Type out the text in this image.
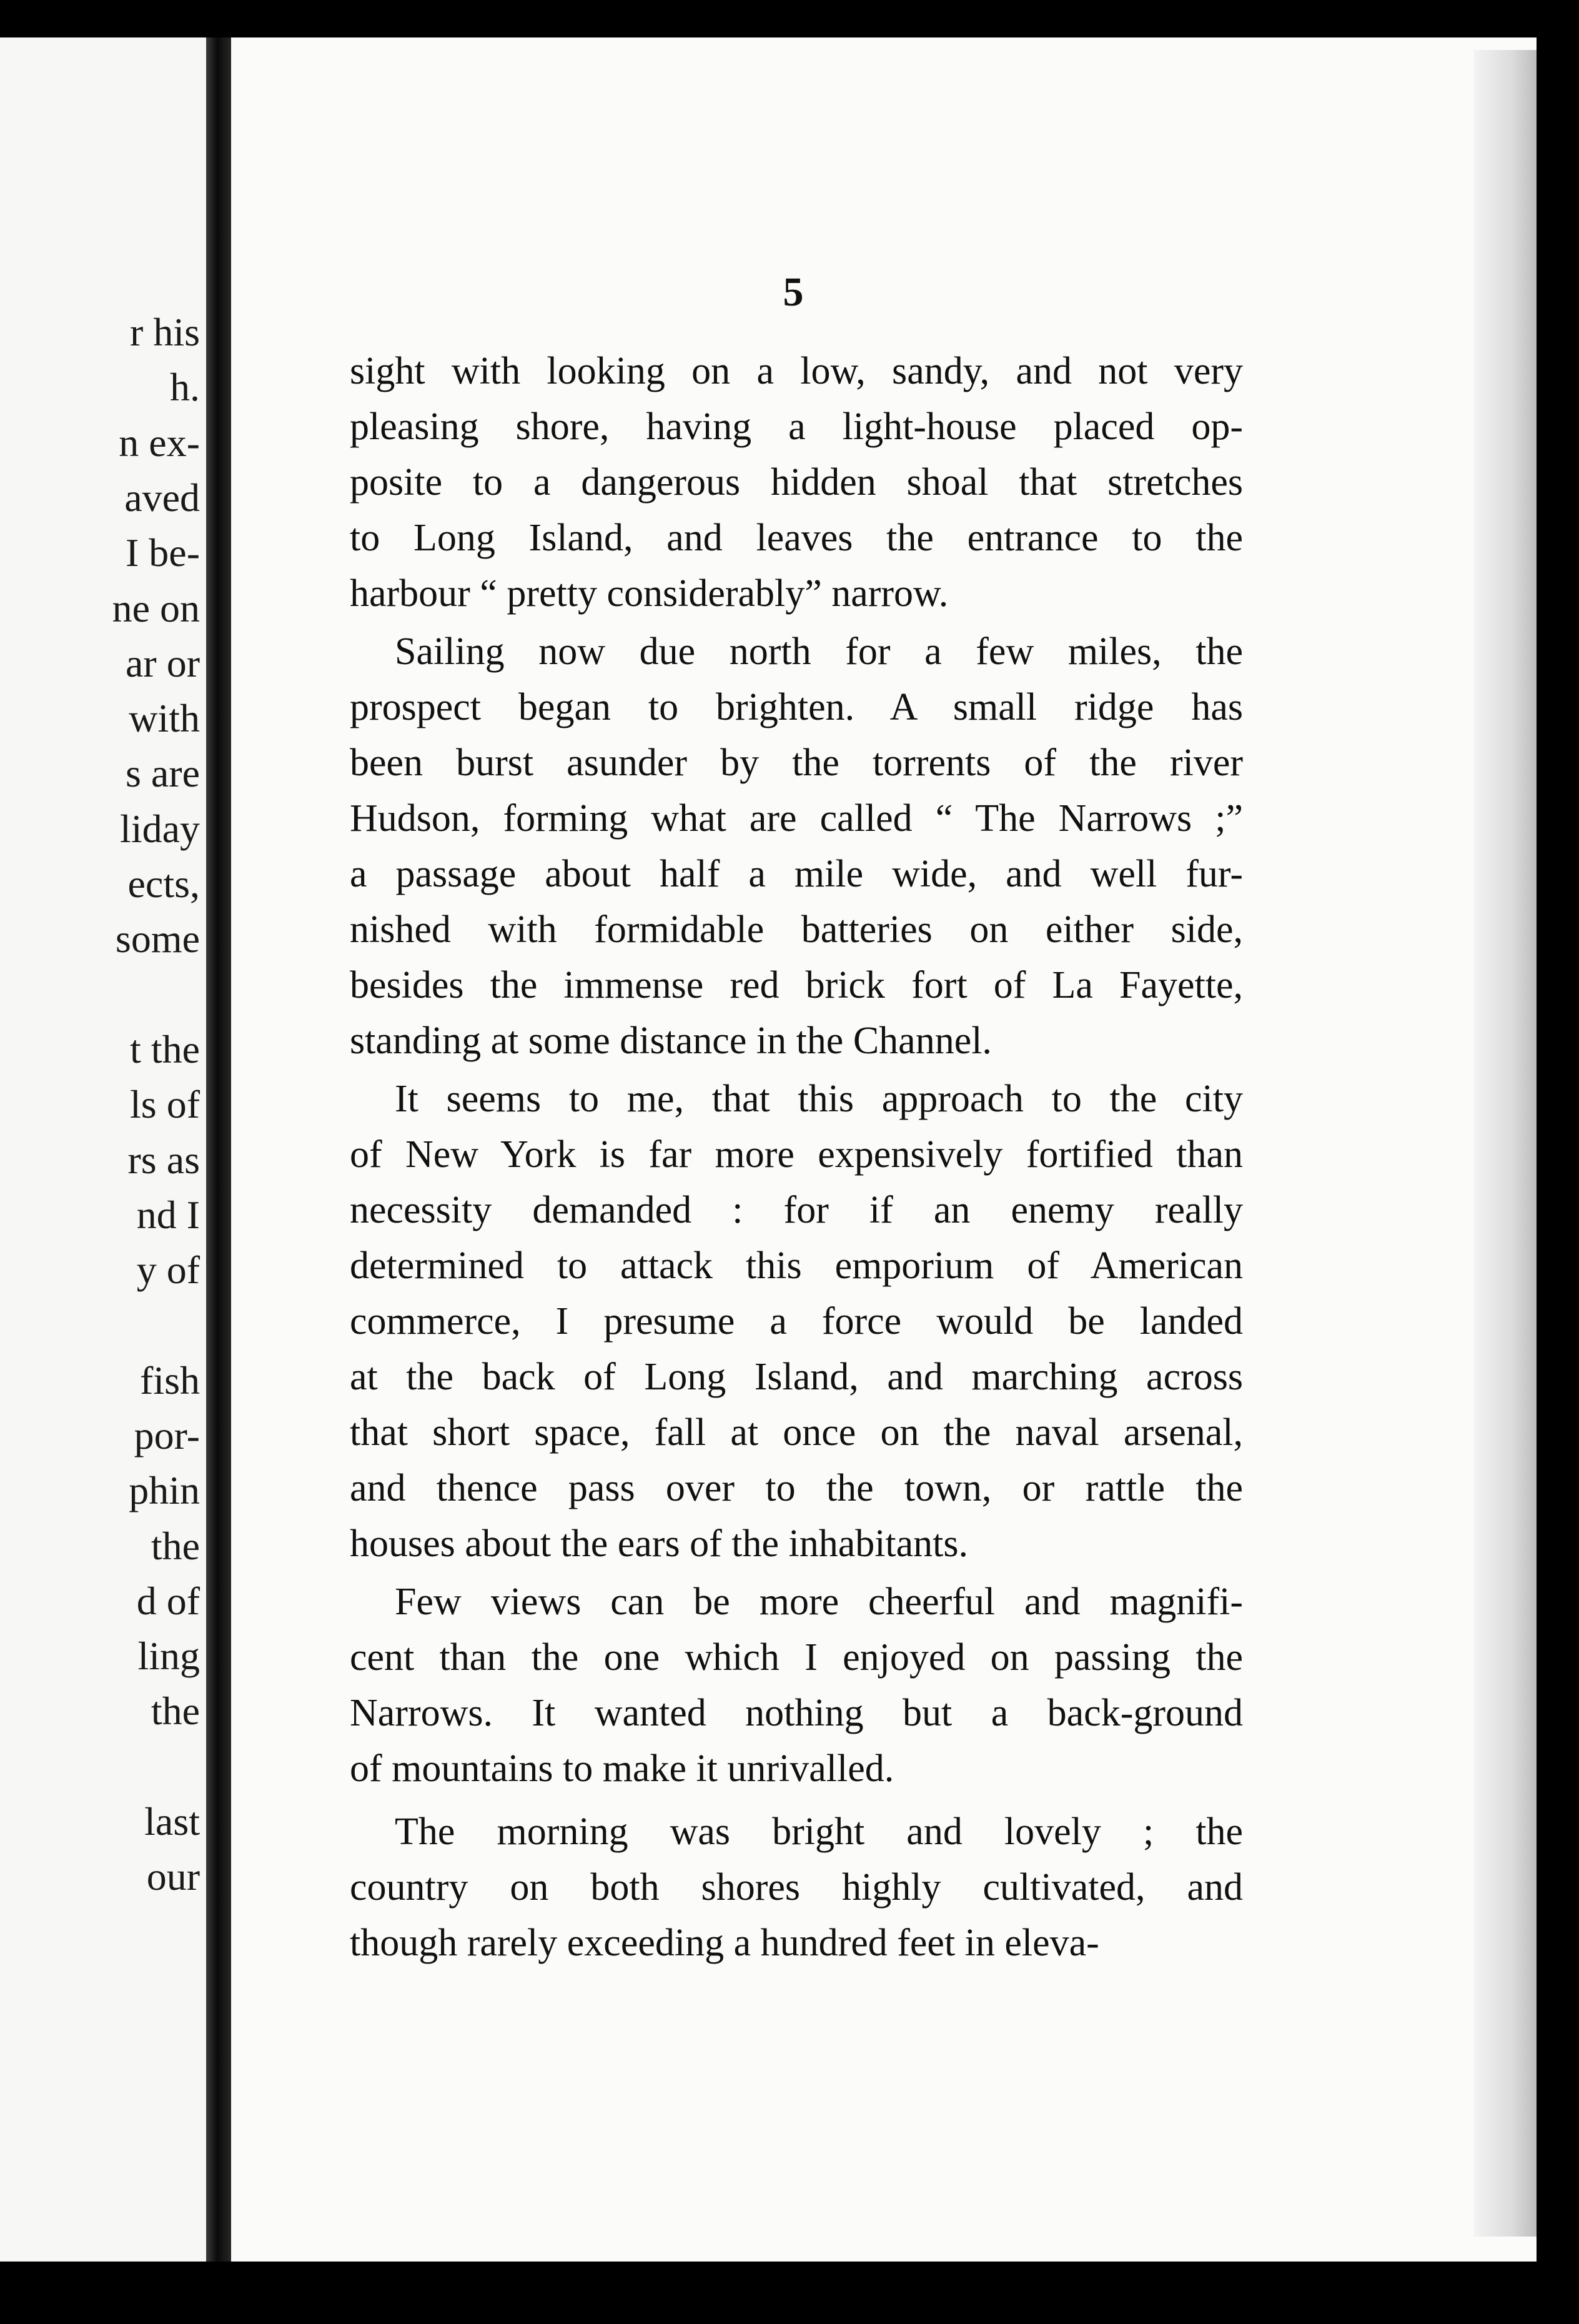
r his
h.
n ex-
aved
I be-
ne on
ar or
with
s are
liday
ects,
some
t the
ls of
rs as
nd I
y of
fish
por-
phin
the
d of
ling
the
last
our
5
sight with looking on a low, sandy, and not very
pleasing shore, having a light-house placed op-
posite to a dangerous hidden shoal that stretches
to Long Island, and leaves the entrance to the
harbour “ pretty considerably” narrow.
Sailing now due north for a few miles, the
prospect began to brighten. A small ridge has
been burst asunder by the torrents of the river
Hudson, forming what are called “ The Narrows ;”
a passage about half a mile wide, and well fur-
nished with formidable batteries on either side,
besides the immense red brick fort of La Fayette,
standing at some distance in the Channel.
It seems to me, that this approach to the city
of New York is far more expensively fortified than
necessity demanded : for if an enemy really
determined to attack this emporium of American
commerce, I presume a force would be landed
at the back of Long Island, and marching across
that short space, fall at once on the naval arsenal,
and thence pass over to the town, or rattle the
houses about the ears of the inhabitants.
Few views can be more cheerful and magnifi-
cent than the one which I enjoyed on passing the
Narrows. It wanted nothing but a back-ground
of mountains to make it unrivalled.
The morning was bright and lovely ; the
country on both shores highly cultivated, and
though rarely exceeding a hundred feet in eleva-
